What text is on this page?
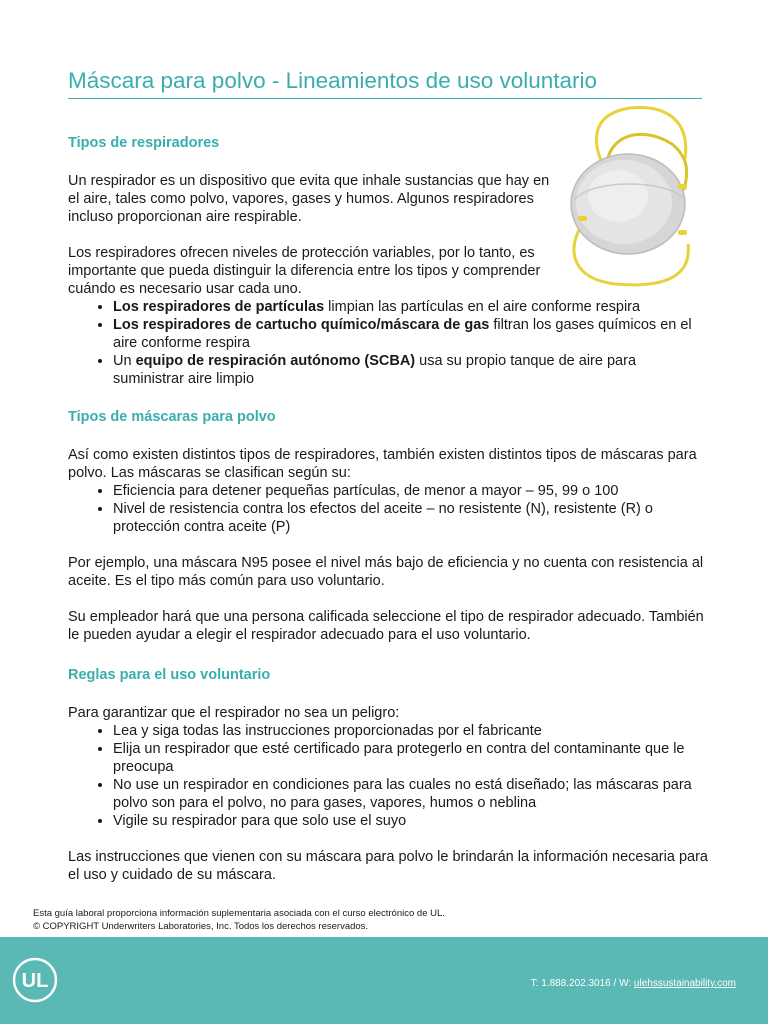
Máscara para polvo - Lineamientos de uso voluntario
Tipos de respiradores

Un respirador es un dispositivo que evita que inhale sustancias que hay en el aire, tales como polvo, vapores, gases y humos. Algunos respiradores incluso proporcionan aire respirable.

Los respiradores ofrecen niveles de protección variables, por lo tanto, es importante que pueda distinguir la diferencia entre los tipos y comprender cuándo es necesario usar cada uno.

• Los respiradores de partículas limpian las partículas en el aire conforme respira
• Los respiradores de cartucho químico/máscara de gas filtran los gases químicos en el aire conforme respira
• Un equipo de respiración autónomo (SCBA) usa su propio tanque de aire para suministrar aire limpio
Tipos de máscaras para polvo

Así como existen distintos tipos de respiradores, también existen distintos tipos de máscaras para polvo. Las máscaras se clasifican según su:

• Eficiencia para detener pequeñas partículas, de menor a mayor – 95, 99 o 100
• Nivel de resistencia contra los efectos del aceite – no resistente (N), resistente (R) o protección contra aceite (P)

Por ejemplo, una máscara N95 posee el nivel más bajo de eficiencia y no cuenta con resistencia al aceite. Es el tipo más común para uso voluntario.

Su empleador hará que una persona calificada seleccione el tipo de respirador adecuado. También le pueden ayudar a elegir el respirador adecuado para el uso voluntario.

Reglas para el uso voluntario

Para garantizar que el respirador no sea un peligro:

• Lea y siga todas las instrucciones proporcionadas por el fabricante
• Elija un respirador que esté certificado para protegerlo en contra del contaminante que le preocupa
• No use un respirador en condiciones para las cuales no está diseñado; las máscaras para polvo son para el polvo, no para gases, vapores, humos o neblina
• Vigile su respirador para que solo use el suyo

Las instrucciones que vienen con su máscara para polvo le brindarán la información necesaria para el uso y cuidado de su máscara.

Esta guía laboral proporciona información suplementaria asociada con el curso electrónico de UL.
© COPYRIGHT Underwriters Laboratories, Inc. Todos los derechos reservados.
UL	T: 1.888.202.3016 / W: ulehssustainability.com
